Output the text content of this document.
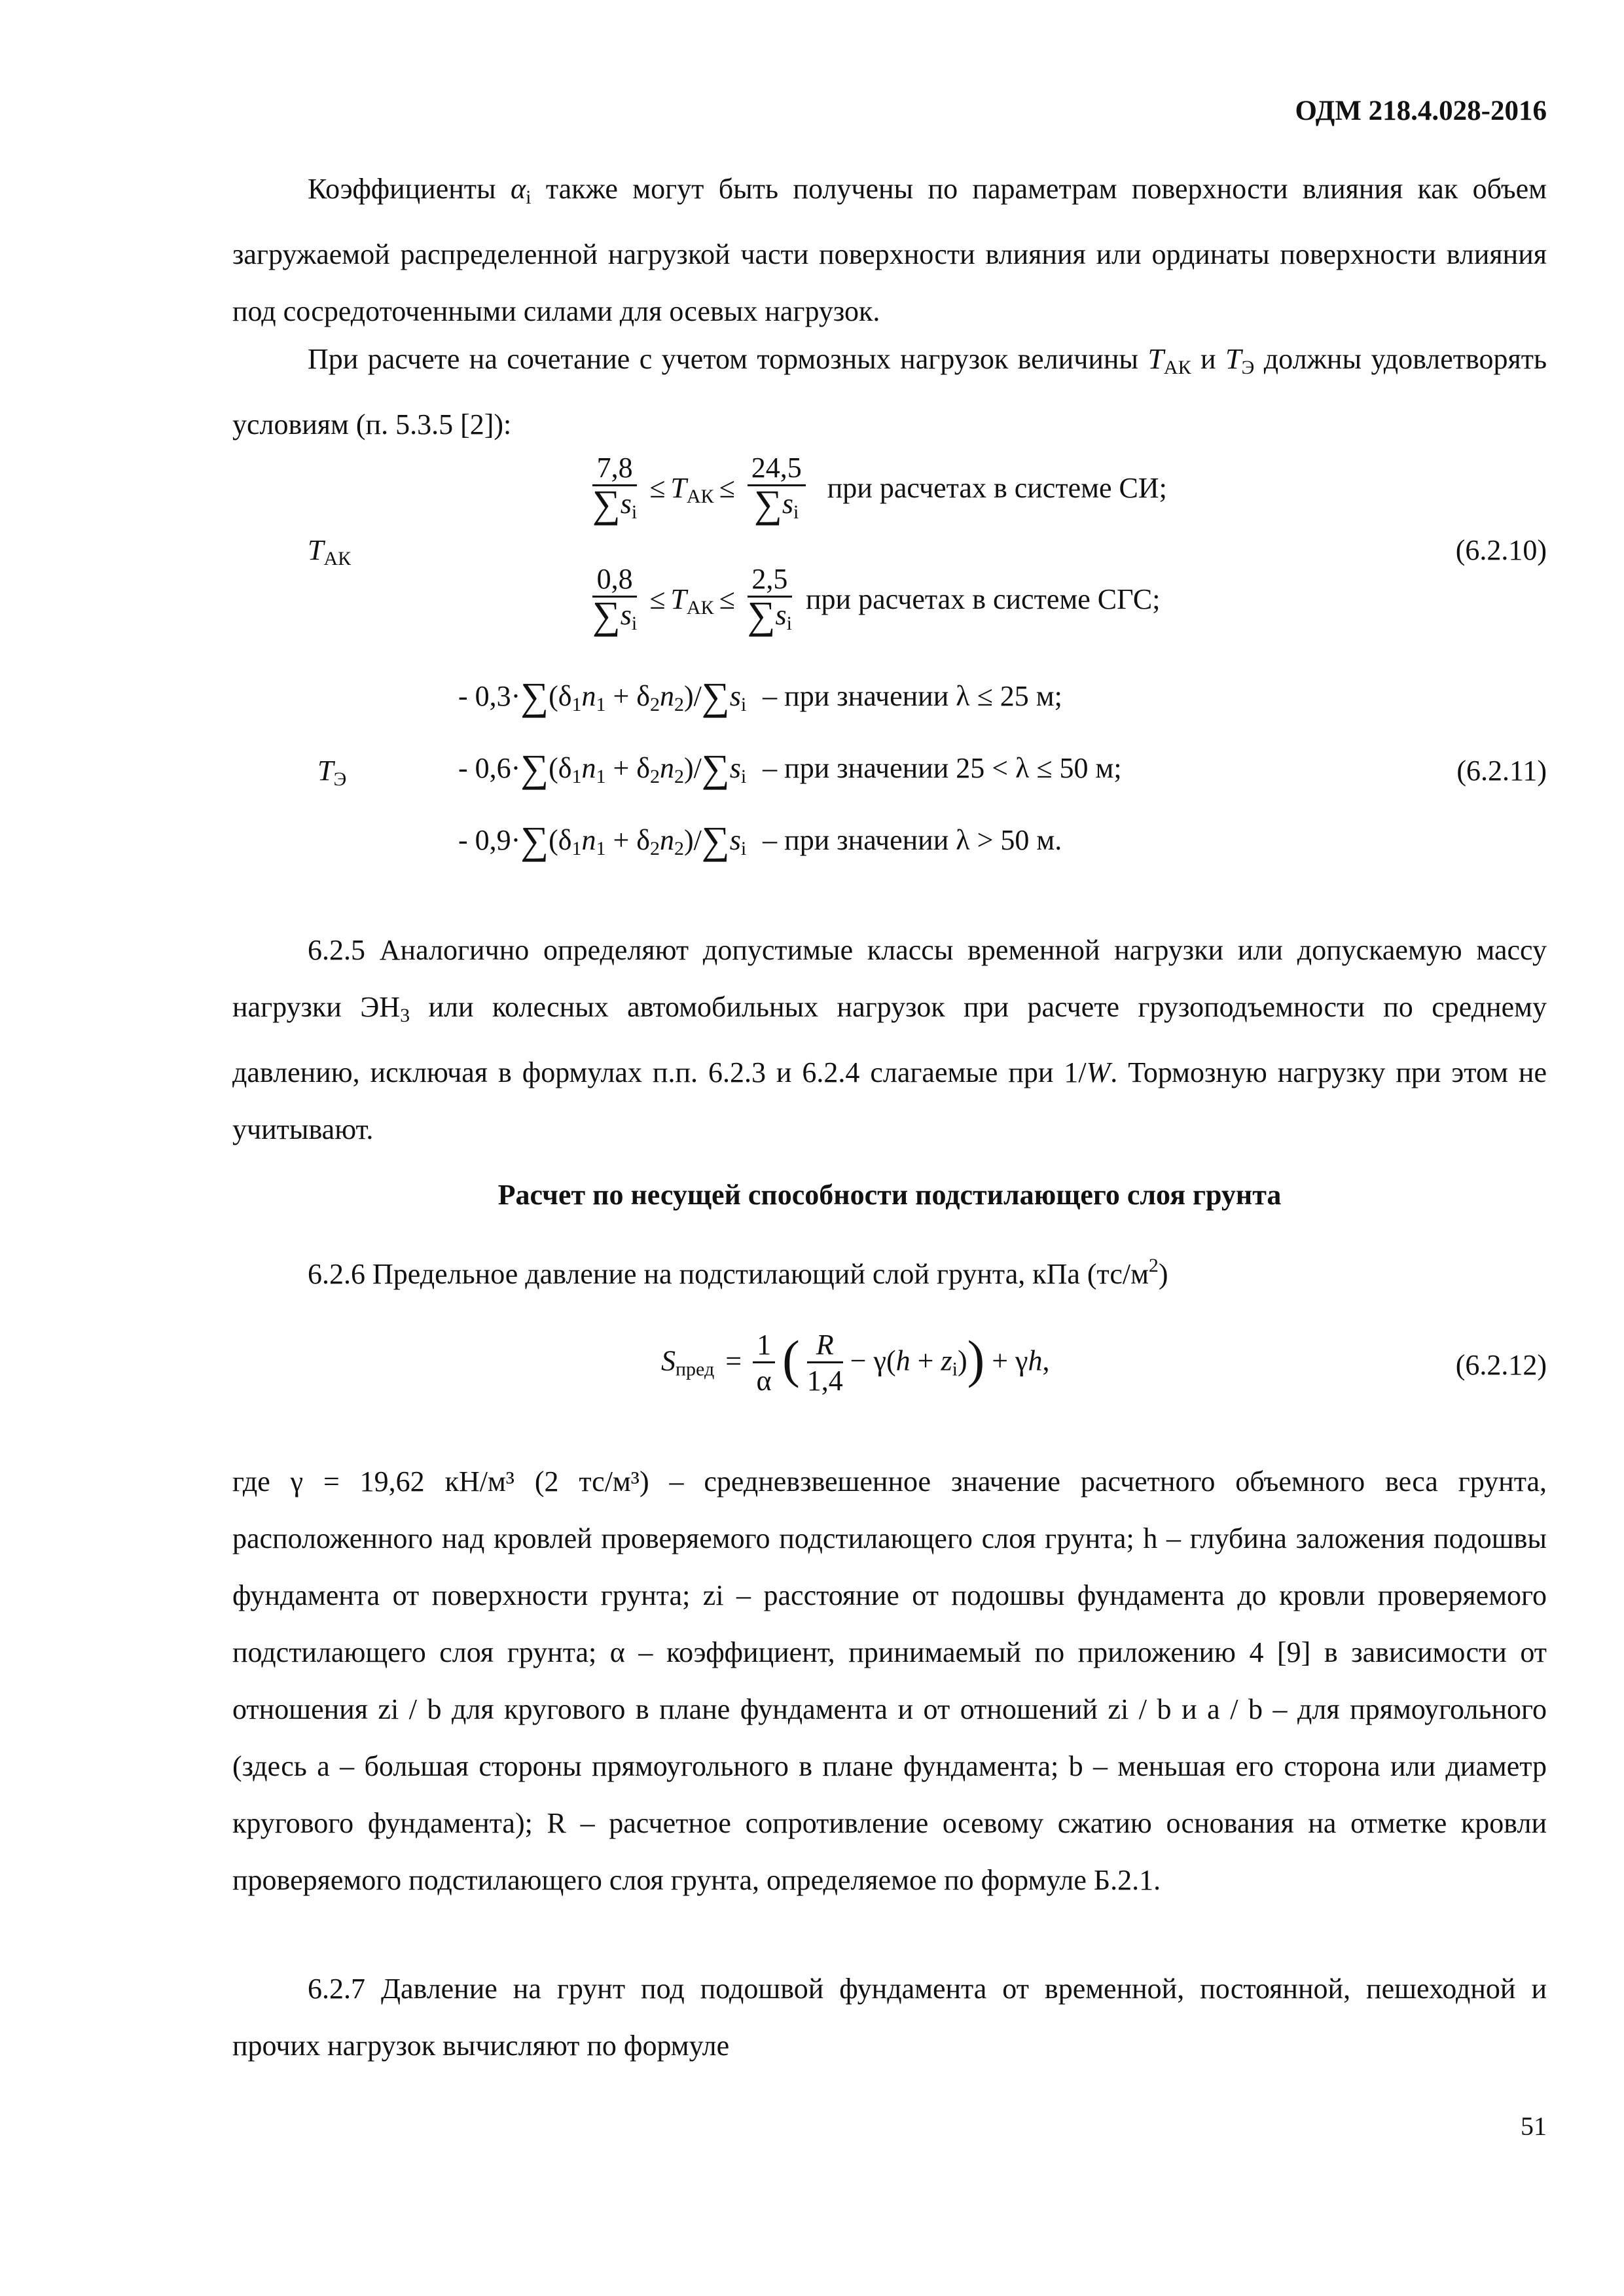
ОДМ 218.4.028-2016
Коэффициенты $\alpha_i$ также могут быть получены по параметрам поверхности влияния как объем загружаемой распределенной нагрузкой части поверхности влияния или ординаты поверхности влияния под сосредоточенными силами для осевых нагрузок.
При расчете на сочетание с учетом тормозных нагрузок величины $T_{АК}$ и $T_Э$ должны удовлетворять условиям (п. 5.3.5 [2]):
$T_{АК}$
$\frac{7,8}{\sum s_i} \le T_{АК} \le \frac{24,5}{\sum s_i}$ при расчетах в системе СИ;
$\frac{0,8}{\sum s_i} \le T_{АК} \le \frac{2,5}{\sum s_i}$ при расчетах в системе СГС;
(6.2.10)
$T_Э$
- $0,3\cdot\sum(\delta_1n_1 + \delta_2n_2)/\sum s_i$ – при значении λ ≤ 25 м;
- $0,6\cdot\sum(\delta_1n_1 + \delta_2n_2)/\sum s_i$ – при значении 25 < λ ≤ 50 м;
- $0,9\cdot\sum(\delta_1n_1 + \delta_2n_2)/\sum s_i$ – при значении λ > 50 м.
(6.2.11)
6.2.5 Аналогично определяют допустимые классы временной нагрузки или допускаемую массу нагрузки $ЭН_3$ или колесных автомобильных нагрузок при расчете грузоподъемности по среднему давлению, исключая в формулах п.п. 6.2.3 и 6.2.4 слагаемые при 1/W. Тормозную нагрузку при этом не учитывают.
Расчет по несущей способности подстилающего слоя грунта
6.2.6 Предельное давление на подстилающий слой грунта, кПа $(тс/м^2)$
$S_{пред} = \frac{1}{\alpha}$ ( $\frac{R}{1,4} - \gamma(h + z_i)) + \gamma h$,	(6.2.12)
где γ = 19,62 кН/м³ (2 тс/м³) – средневзвешенное значение расчетного объемного веса грунта, расположенного над кровлей проверяемого подстилающего слоя грунта; h – глубина заложения подошвы фундамента от поверхности грунта; zi – расстояние от подошвы фундамента до кровли проверяемого подстилающего слоя грунта; α – коэффициент, принимаемый по приложению 4 [9] в зависимости от отношения zi / b для кругового в плане фундамента и от отношений zi / b и a / b – для прямоугольного (здесь a – большая стороны прямоугольного в плане фундамента; b – меньшая его сторона или диаметр кругового фундамента); R – расчетное сопротивление осевому сжатию основания на отметке кровли проверяемого подстилающего слоя грунта, определяемое по формуле Б.2.1.
6.2.7 Давление на грунт под подошвой фундамента от временной, постоянной, пешеходной и прочих нагрузок вычисляют по формуле
51
